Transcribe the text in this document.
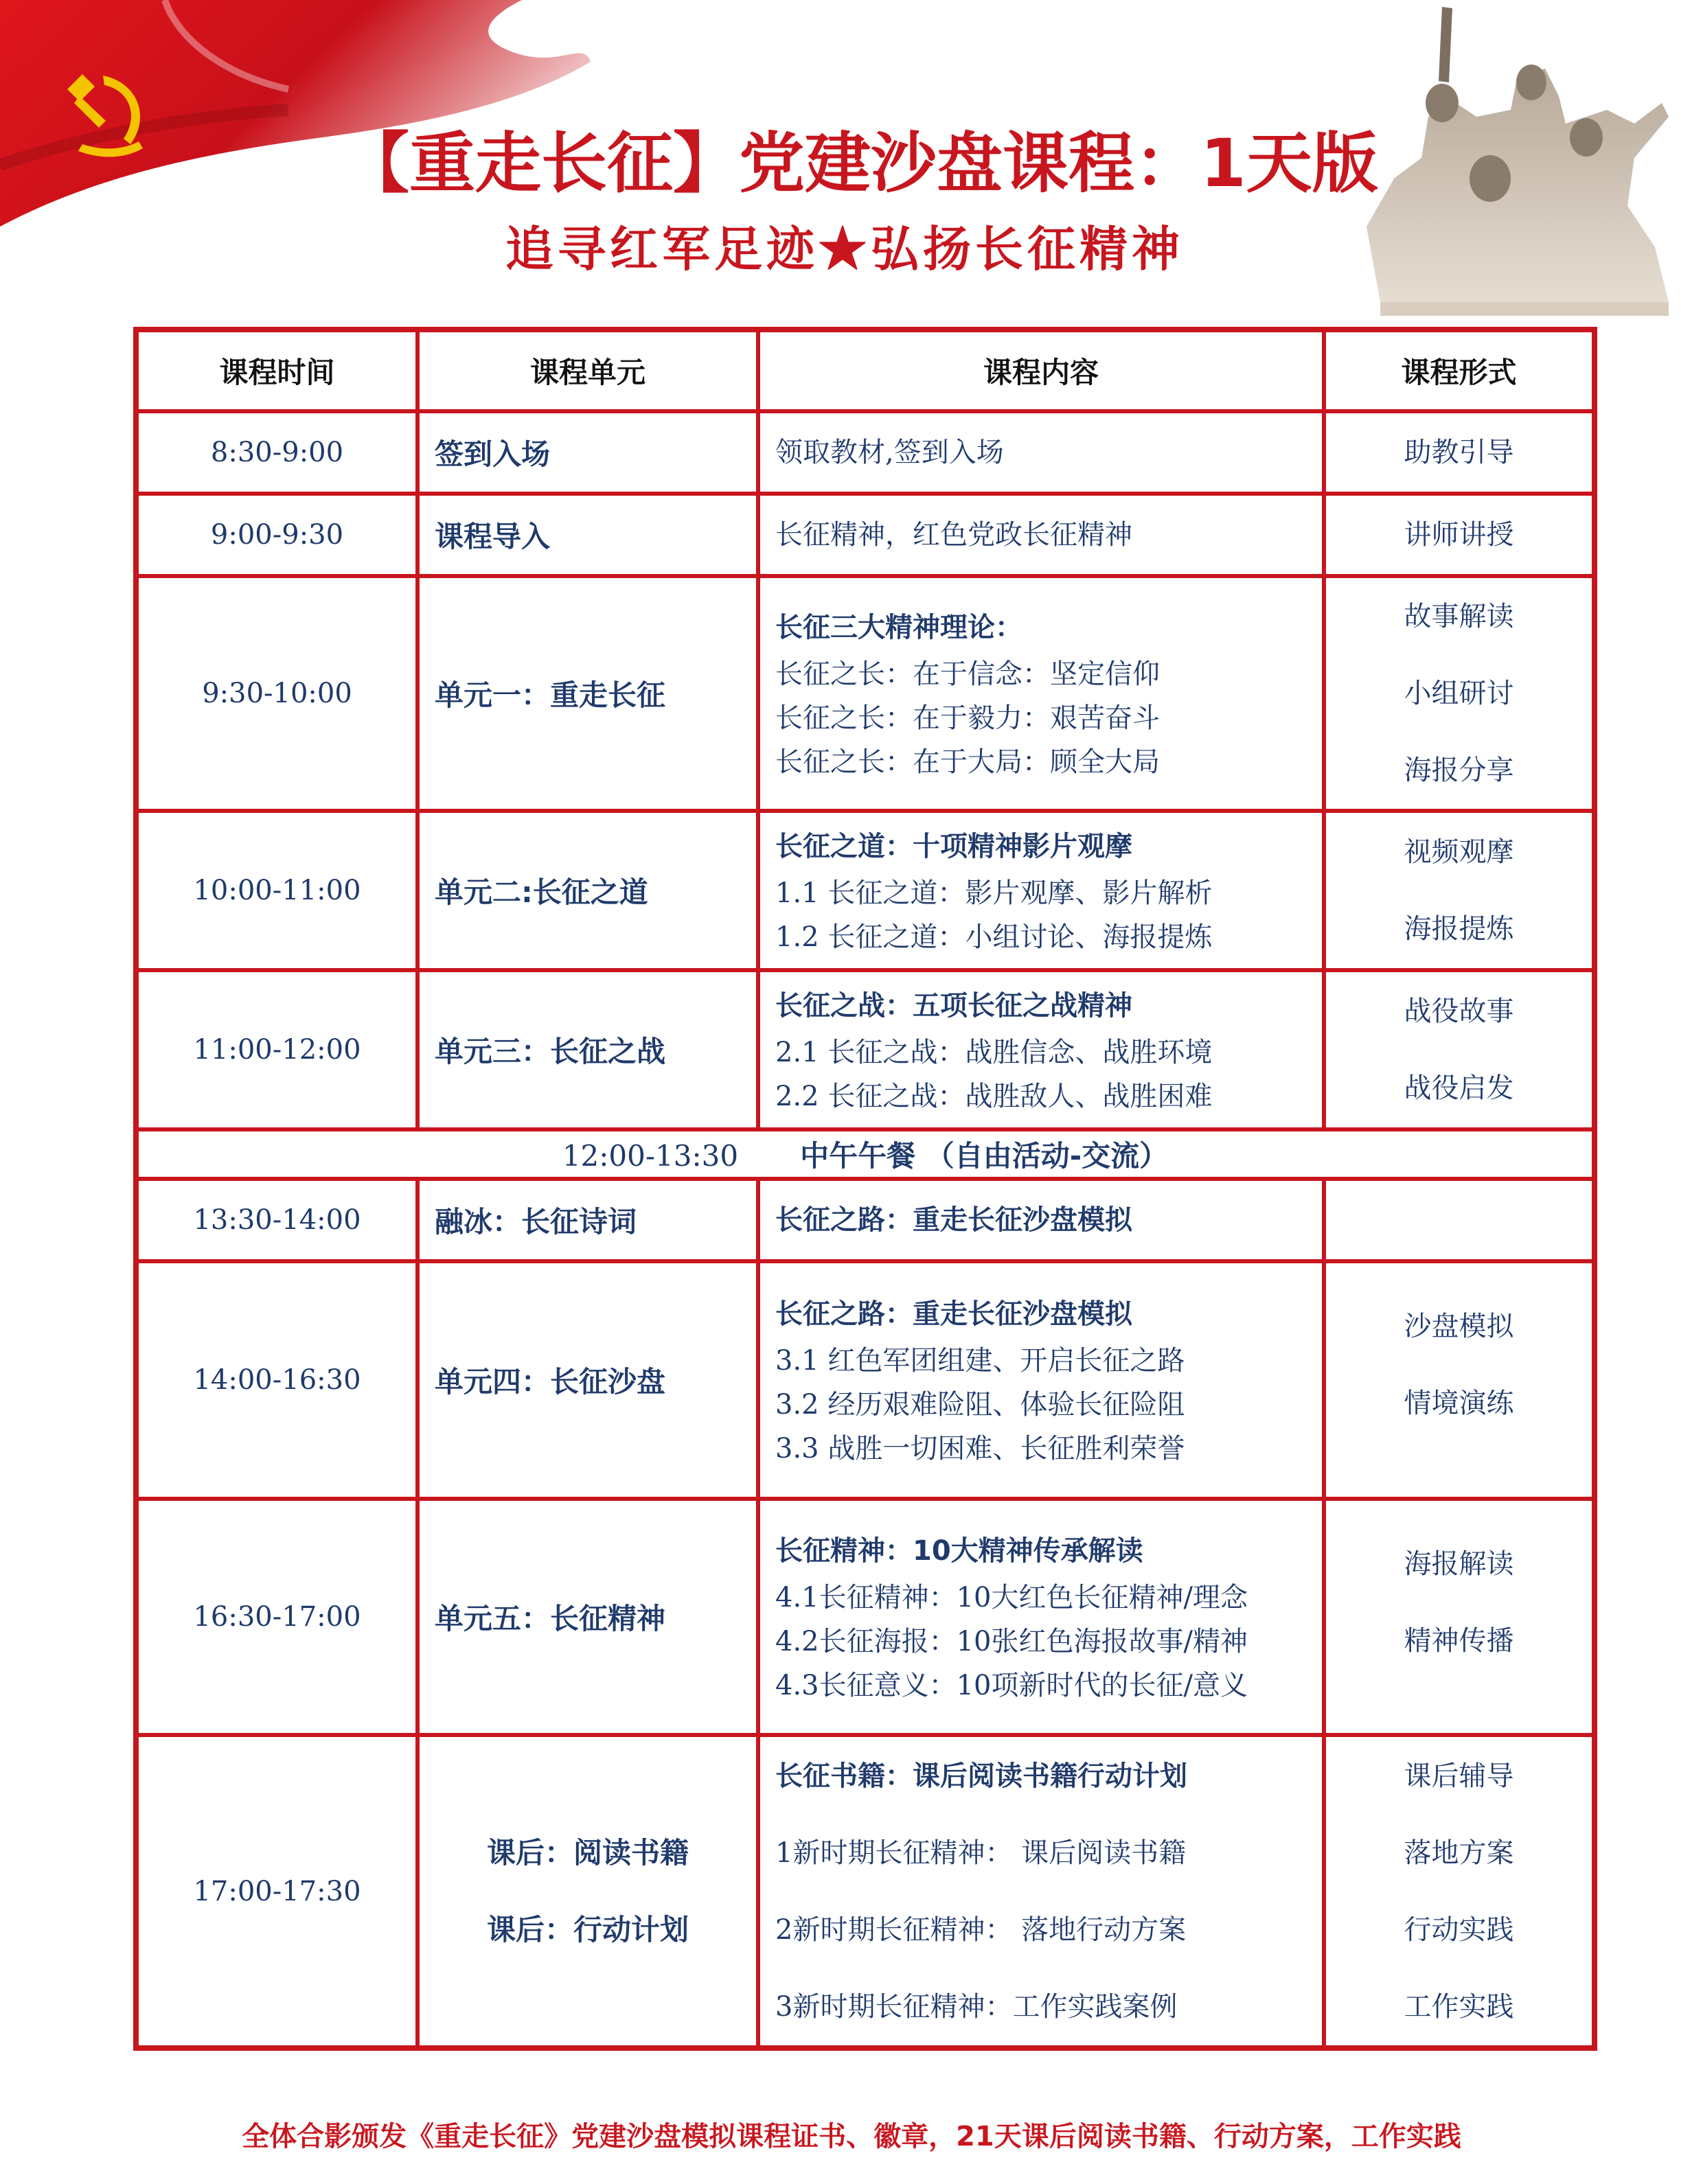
【重走长征】党建沙盘课程：1天版
追寻红军足迹★弘扬长征精神
课程时间	课程单元	课程内容	课程形式
8:30-9:00	签到入场	领取教材,签到入场	助教引导

9:00-9:30	课程导入	长征精神，红色党政长征精神	讲师讲授

9:30-10:00	单元一：重走长征	长征三大精神理论：
长征之长：在于信念：坚定信仰
长征之长：在于毅力：艰苦奋斗
长征之长：在于大局：顾全大局	故事解读
小组研讨
海报分享

10:00-11:00	单元二:长征之道	长征之道：十项精神影片观摩
1.1 长征之道：影片观摩、影片解析
1.2 长征之道：小组讨论、海报提炼	视频观摩
海报提炼

11:00-12:00	单元三：长征之战	长征之战：五项长征之战精神
2.1 长征之战：战胜信念、战胜环境
2.2 长征之战：战胜敌人、战胜困难	战役故事
战役启发

12:00-13:30 中午午餐 （自由活动-交流）			
13:30-14:00	融冰：长征诗词	长征之路：重走长征沙盘模拟	

14:00-16:30	单元四：长征沙盘	长征之路：重走长征沙盘模拟
3.1 红色军团组建、开启长征之路
3.2 经历艰难险阻、体验长征险阻
3.3 战胜一切困难、长征胜利荣誉	沙盘模拟
情境演练

16:30-17:00	单元五：长征精神	长征精神：10大精神传承解读
4.1长征精神：10大红色长征精神/理念
4.2长征海报：10张红色海报故事/精神
4.3长征意义：10项新时代的长征/意义	海报解读
精神传播

17:00-17:30	课后：阅读书籍
课后：行动计划	长征书籍：课后阅读书籍行动计划
1新时期长征精神： 课后阅读书籍
2新时期长征精神： 落地行动方案
3新时期长征精神：工作实践案例	课后辅导
落地方案
行动实践
工作实践
全体合影颁发《重走长征》党建沙盘模拟课程证书、徽章，21天课后阅读书籍、行动方案，工作实践
